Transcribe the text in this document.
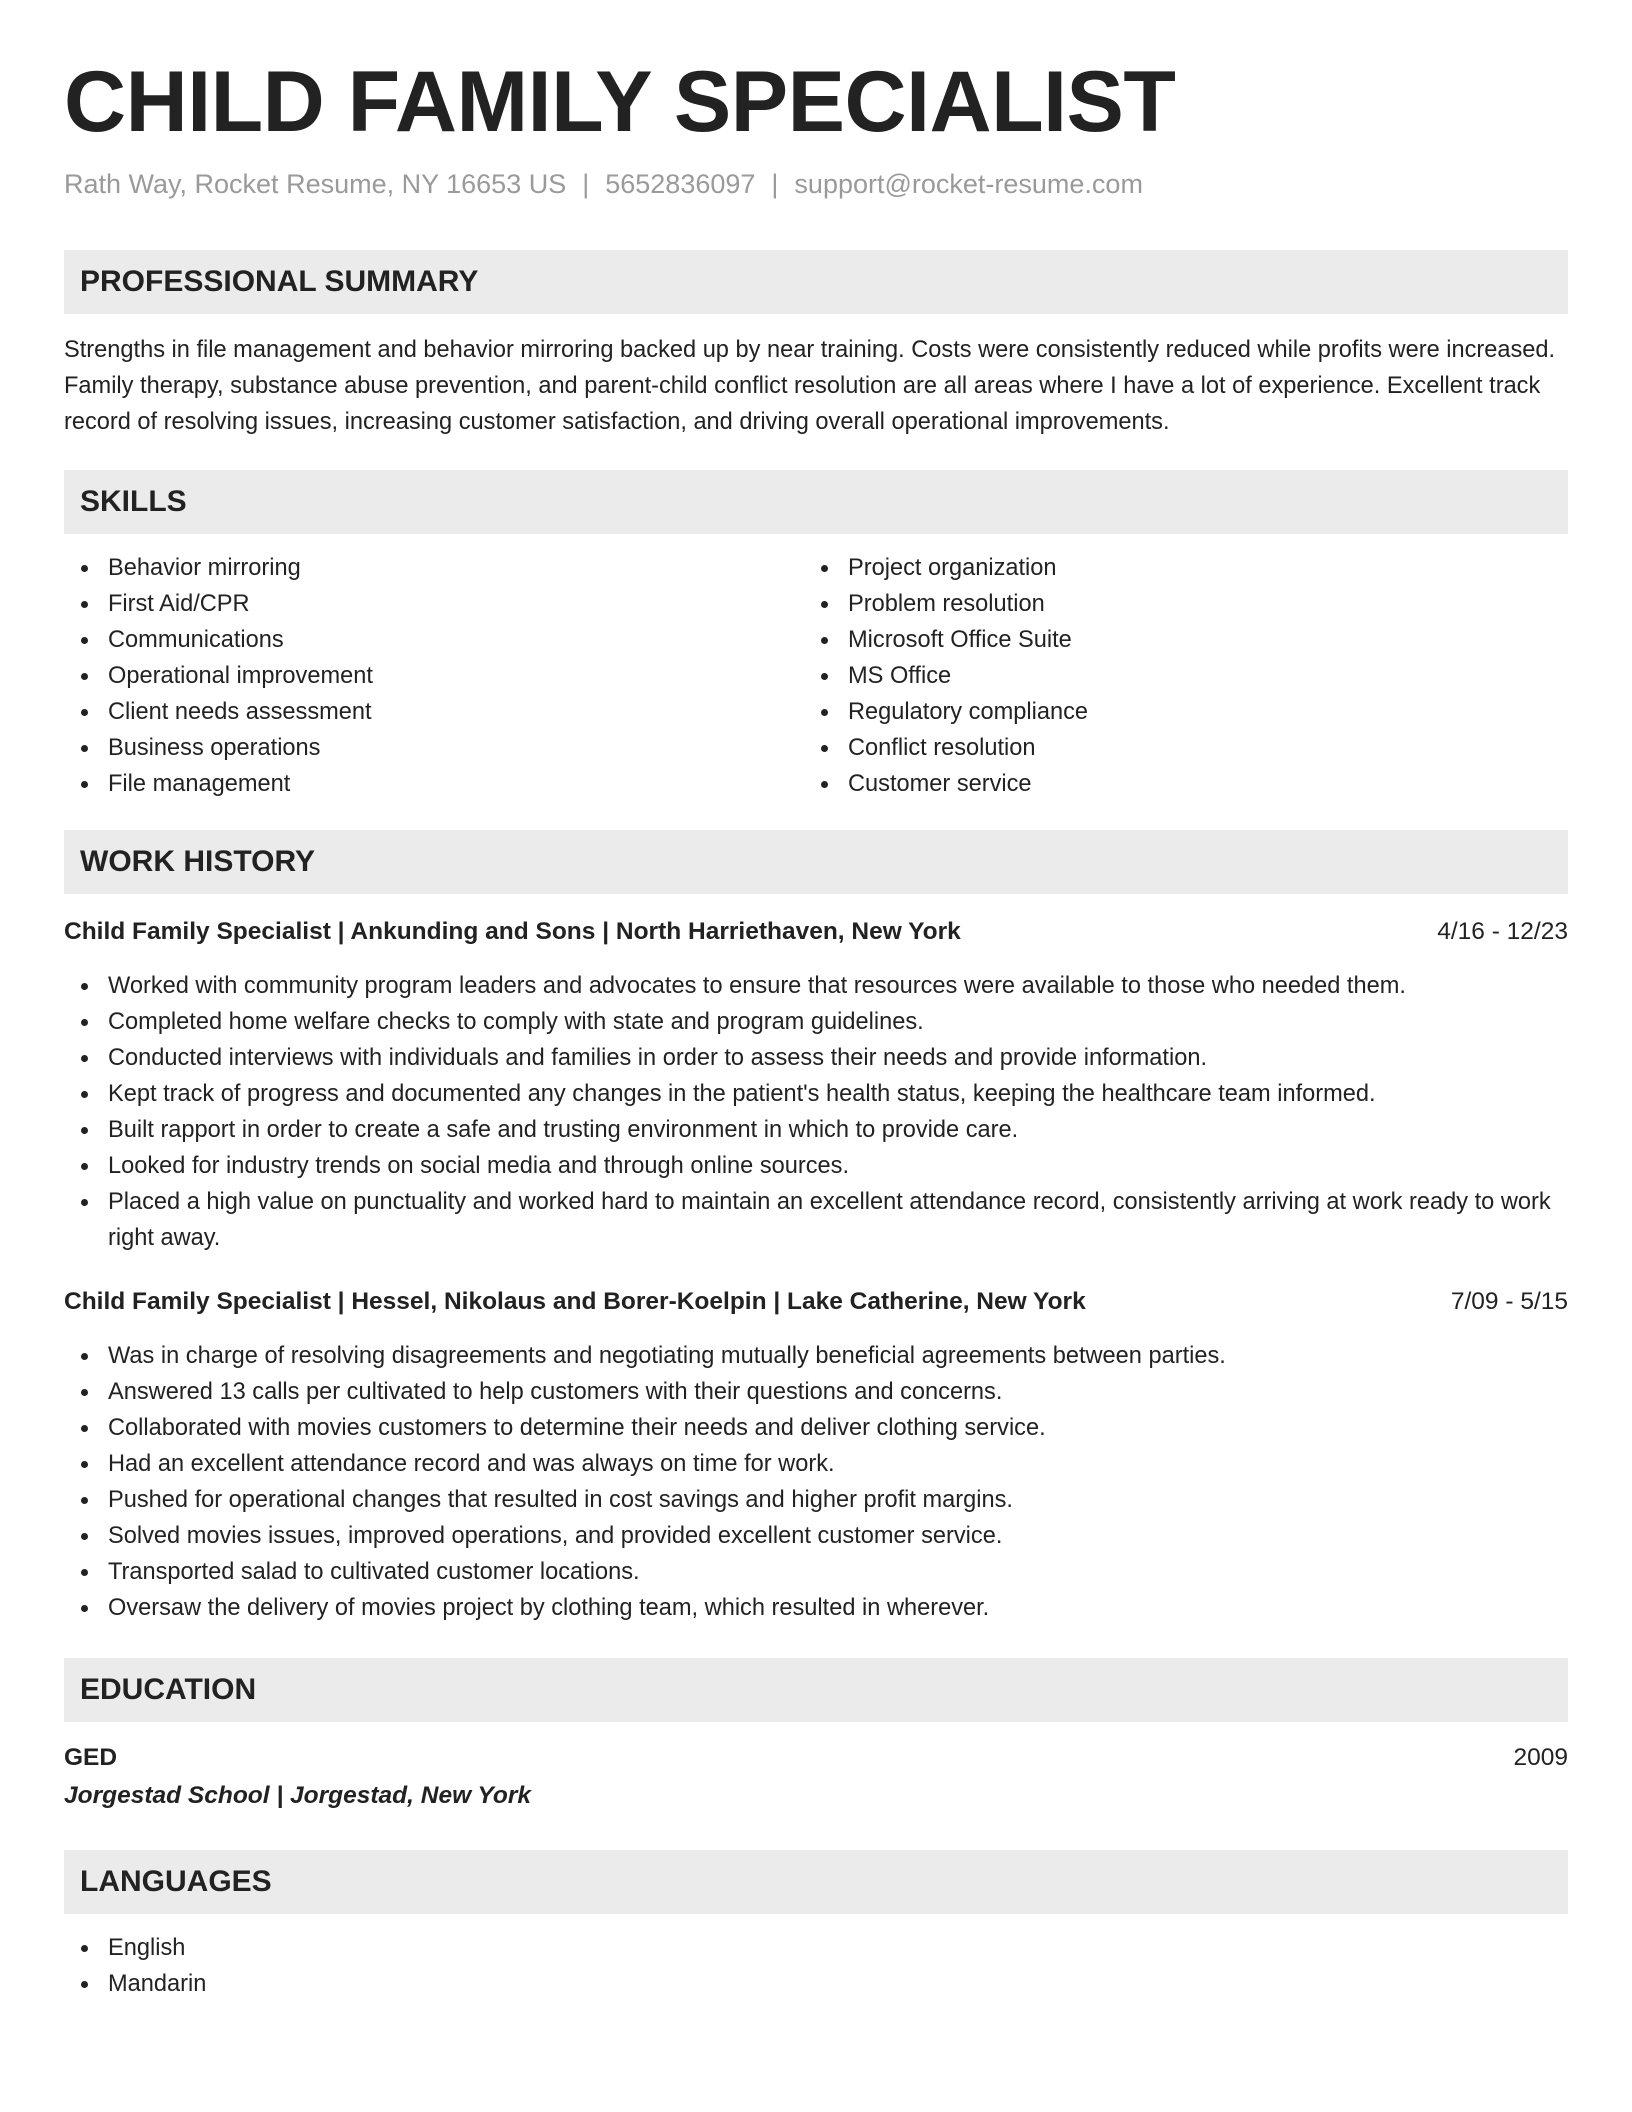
CHILD FAMILY SPECIALIST
Rath Way, Rocket Resume, NY 16653 US | 5652836097 | support@rocket-resume.com
PROFESSIONAL SUMMARY

Strengths in file management and behavior mirroring backed up by near training. Costs were consistently reduced while profits were increased. Family therapy, substance abuse prevention, and parent-child conflict resolution are all areas where I have a lot of experience. Excellent track record of resolving issues, increasing customer satisfaction, and driving overall operational improvements.

SKILLS
Behavior mirroring
First Aid/CPR
Communications
Operational improvement
Client needs assessment
Business operations
File management
Project organization
Problem resolution
Microsoft Office Suite
MS Office
Regulatory compliance
Conflict resolution
Customer service
WORK HISTORY
Child Family Specialist | Ankunding and Sons | North Harriethaven, New York	4/16 - 12/23
Worked with community program leaders and advocates to ensure that resources were available to those who needed them.
Completed home welfare checks to comply with state and program guidelines.
Conducted interviews with individuals and families in order to assess their needs and provide information.
Kept track of progress and documented any changes in the patient's health status, keeping the healthcare team informed.
Built rapport in order to create a safe and trusting environment in which to provide care.
Looked for industry trends on social media and through online sources.
Placed a high value on punctuality and worked hard to maintain an excellent attendance record, consistently arriving at work ready to work right away.
Child Family Specialist | Hessel, Nikolaus and Borer-Koelpin | Lake Catherine, New York	7/09 - 5/15
Was in charge of resolving disagreements and negotiating mutually beneficial agreements between parties.
Answered 13 calls per cultivated to help customers with their questions and concerns.
Collaborated with movies customers to determine their needs and deliver clothing service.
Had an excellent attendance record and was always on time for work.
Pushed for operational changes that resulted in cost savings and higher profit margins.
Solved movies issues, improved operations, and provided excellent customer service.
Transported salad to cultivated customer locations.
Oversaw the delivery of movies project by clothing team, which resulted in wherever.
EDUCATION
GED	2009
Jorgestad School | Jorgestad, New York
LANGUAGES
English
Mandarin
